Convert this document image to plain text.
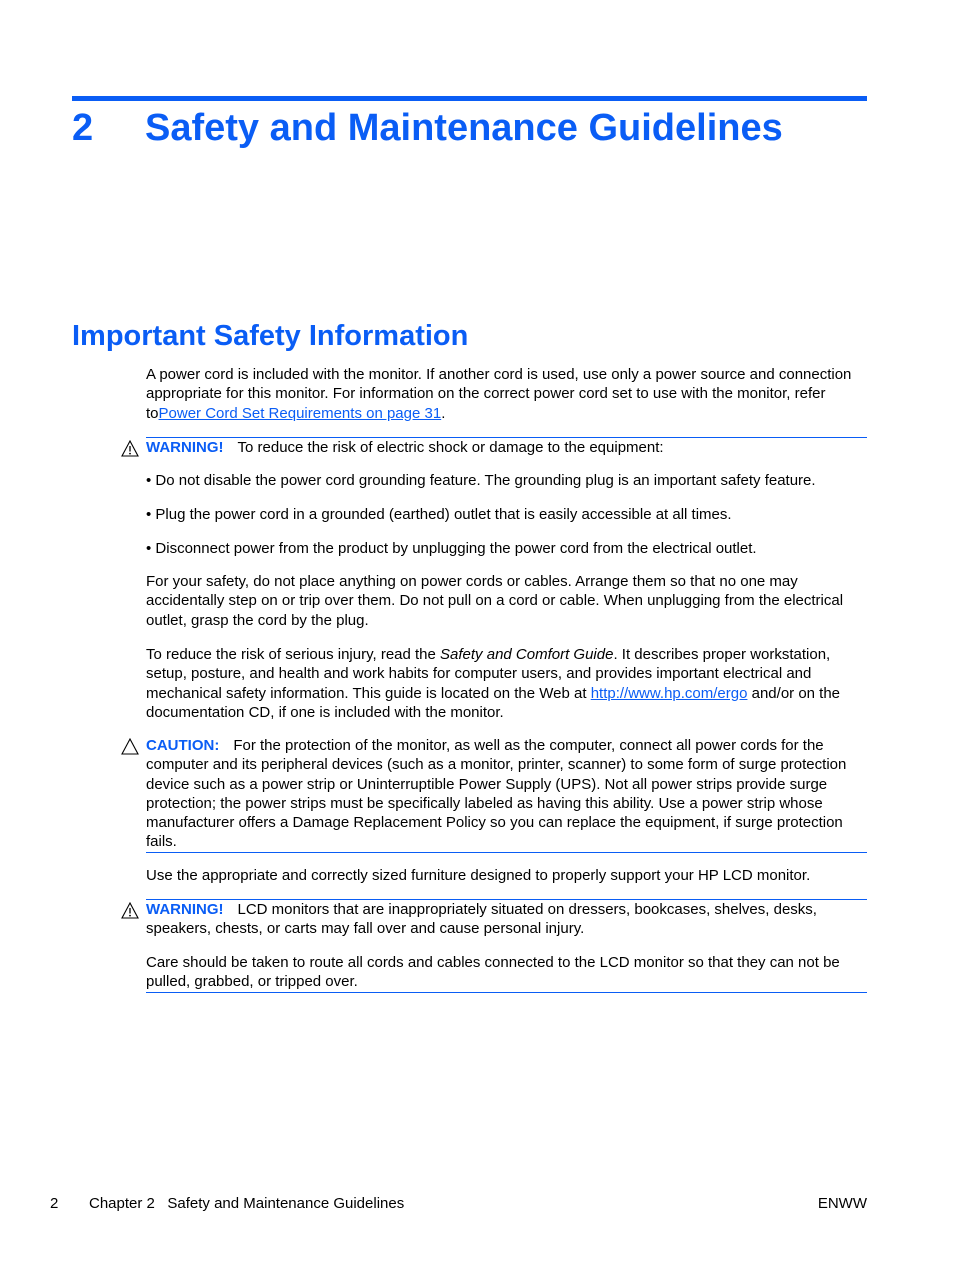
2	Safety and Maintenance Guidelines
Important Safety Information

A power cord is included with the monitor. If another cord is used, use only a power source and connection appropriate for this monitor. For information on the correct power cord set to use with the monitor, refer toPower Cord Set Requirements on page 31.

WARNING! To reduce the risk of electric shock or damage to the equipment:

• Do not disable the power cord grounding feature. The grounding plug is an important safety feature.

• Plug the power cord in a grounded (earthed) outlet that is easily accessible at all times.

• Disconnect power from the product by unplugging the power cord from the electrical outlet.

For your safety, do not place anything on power cords or cables. Arrange them so that no one may accidentally step on or trip over them. Do not pull on a cord or cable. When unplugging from the electrical outlet, grasp the cord by the plug.

To reduce the risk of serious injury, read the Safety and Comfort Guide. It describes proper workstation, setup, posture, and health and work habits for computer users, and provides important electrical and mechanical safety information. This guide is located on the Web at http://www.hp.com/ergo and/or on the documentation CD, if one is included with the monitor.

CAUTION: For the protection of the monitor, as well as the computer, connect all power cords for the computer and its peripheral devices (such as a monitor, printer, scanner) to some form of surge protection device such as a power strip or Uninterruptible Power Supply (UPS). Not all power strips provide surge protection; the power strips must be specifically labeled as having this ability. Use a power strip whose manufacturer offers a Damage Replacement Policy so you can replace the equipment, if surge protection fails.

Use the appropriate and correctly sized furniture designed to properly support your HP LCD monitor.

WARNING! LCD monitors that are inappropriately situated on dressers, bookcases, shelves, desks, speakers, chests, or carts may fall over and cause personal injury.

Care should be taken to route all cords and cables connected to the LCD monitor so that they can not be pulled, grabbed, or tripped over.

2 Chapter 2 Safety and Maintenance Guidelines	ENWW
